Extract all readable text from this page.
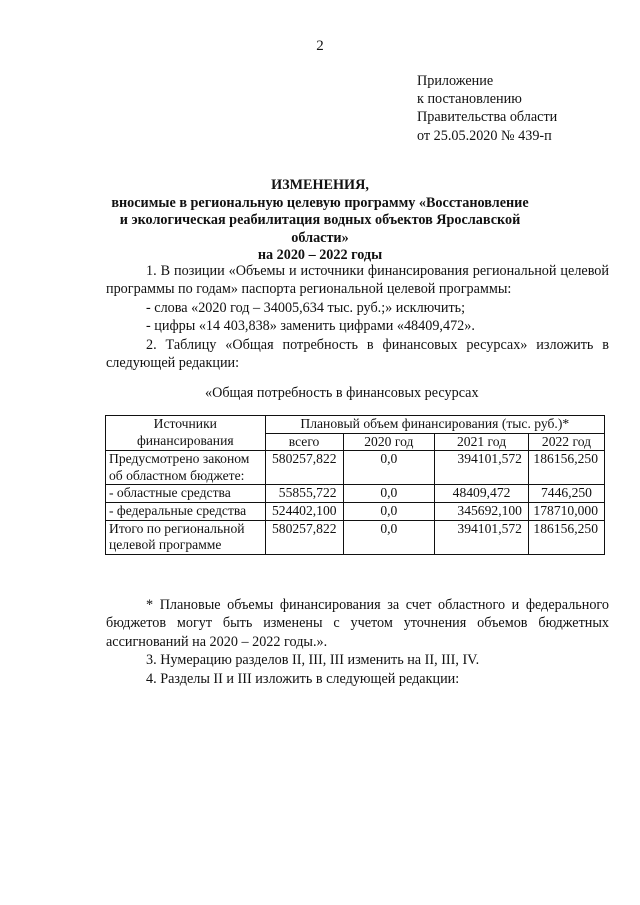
2
Приложение
к постановлению
Правительства области
от 25.05.2020 № 439-п
ИЗМЕНЕНИЯ,
вносимые в региональную целевую программу «Восстановление
и экологическая реабилитация водных объектов Ярославской области»
на 2020 – 2022 годы

1. В позиции «Объемы и источники финансирования региональной целевой программы по годам» паспорта региональной целевой программы:

- слова «2020 год – 34005,634 тыс. руб.;» исключить;

- цифры «14 403,838» заменить цифрами «48409,472».

2. Таблицу «Общая потребность в финансовых ресурсах» изложить в следующей редакции:

«Общая потребность в финансовых ресурсах
Источники финансирования	Плановый объем финансирования (тыс. руб.)*			
	всего	2020 год	2021 год	2022 год
Предусмотрено законом об областном бюджете:	580257,822	0,0	394101,572	186156,250
- областные средства	55855,722	0,0	48409,472	7446,250
- федеральные средства	524402,100	0,0	345692,100	178710,000
Итого по региональной целевой программе	580257,822	0,0	394101,572	186156,250

* Плановые объемы финансирования за счет областного и федерального бюджетов могут быть изменены с учетом уточнения объемов бюджетных ассигнований на 2020 – 2022 годы.».

3. Нумерацию разделов II, III, III изменить на II, III, IV.

4. Разделы II и III изложить в следующей редакции:
